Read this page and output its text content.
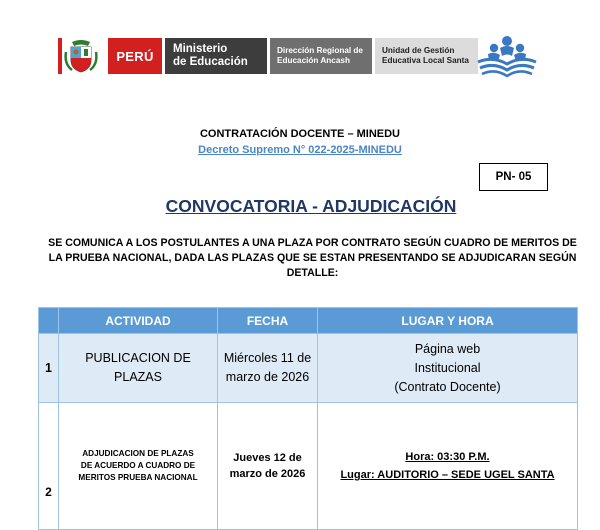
PERÚ	Ministerio
de Educación
Dirección Regional de
Educación Ancash
Unidad de Gestión
Educativa Local Santa
CONTRATACIÓN DOCENTE – MINEDU
Decreto Supremo N° 022-2025-MINEDU
PN- 05
CONVOCATORIA - ADJUDICACIÓN
SE COMUNICA A LOS POSTULANTES A UNA PLAZA POR CONTRATO SEGÚN CUADRO DE MERITOS DE LA PRUEBA NACIONAL, DADA LAS PLAZAS QUE SE ESTAN PRESENTANDO SE ADJUDICARAN SEGÚN DETALLE:
	ACTIVIDAD	FECHA	LUGAR Y HORA
1	PUBLICACION DE PLAZAS	Miércoles 11 de marzo de 2026	Página web Institucional (Contrato Docente)
2	ADJUDICACION DE PLAZAS DE ACUERDO A CUADRO DE MERITOS PRUEBA NACIONAL	Jueves 12 de marzo de 2026	Hora: 03:30 P.M.
Lugar: AUDITORIO – SEDE UGEL SANTA
